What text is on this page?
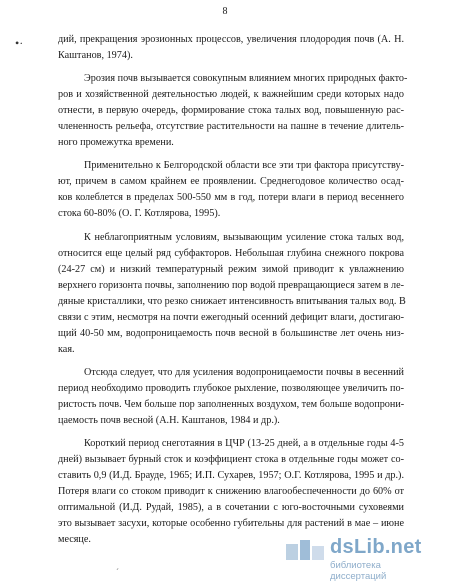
8
•·	дий, прекращения эрозионных процессов, увеличения плодородия почв (А. Н.
Каштанов, 1974).
Эрозия почв вызывается совокупным влиянием многих природных факто-
ров и хозяйственной деятельностью людей, к важнейшим среди которых надо
отнести, в первую очередь, формирование стока талых вод, повышенную рас-
члененность рельефа, отсутствие растительности на пашне в течение длитель-
ного промежутка времени.
Применительно к Белгородской области все эти три фактора присутству-
ют, причем в самом крайнем ее проявлении. Среднегодовое количество осад-
ков колеблется в пределах 500-550 мм в год, потери влаги в период весеннего
стока 60-80% (О. Г. Котлярова, 1995).
К неблагоприятным условиям, вызывающим усиление стока талых вод,
относится еще целый ряд субфакторов. Небольшая глубина снежного покрова
(24-27 см) и низкий температурный режим зимой приводит к увлажнению
верхнего горизонта почвы, заполнению пор водой превращающиеся затем в ле-
дяные кристаллики, что резко снижает интенсивность впитывания талых вод. В
связи с этим, несмотря на почти ежегодный осенний дефицит влаги, достигаю-
щий 40-50 мм, водопроницаемость почв весной в большинстве лет очень низ-
кая.
Отсюда следует, что для усиления водопроницаемости почвы в весенний
период необходимо проводить глубокое рыхление, позволяющее увеличить по-
ристость почв. Чем больше пор заполненных воздухом, тем больше водопрони-
цаемость почв весной (А.Н. Каштанов, 1984 и др.).
Короткий период снеготаяния в ЦЧР (13-25 дней, а в отдельные годы 4-5
дней) вызывает бурный сток и коэффициент стока в отдельные годы может со-
ставить 0,9 (И.Д. Брауде, 1965; И.П. Сухарев, 1957; О.Г. Котлярова, 1995 и др.).
Потеря влаги со стоком приводит к снижению влагообеспеченности до 60% от
оптимальной (И.Д. Рудай, 1985), а в сочетании с юго-восточными суховеями
это вызывает засухи, которые особенно губительны для растений в мае – июне
месяце.
´
dsLib.net
библиотека диссертаций
